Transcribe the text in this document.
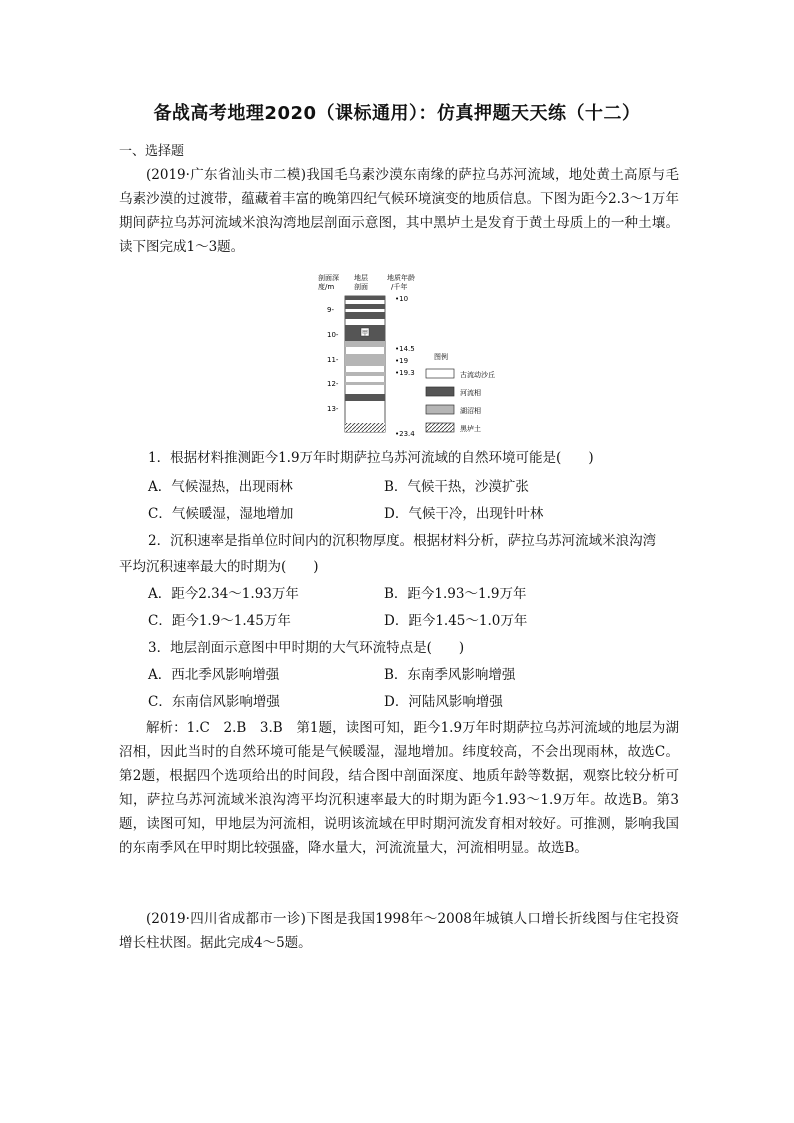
备战高考地理2020（课标通用）：仿真押题天天练（十二）
一、选择题
(2019·广东省汕头市二模)我国毛乌素沙漠东南缘的萨拉乌苏河流域，地处黄土高原与毛乌素沙漠的过渡带，蕴藏着丰富的晚第四纪气候环境演变的地质信息。下图为距今2.3～1万年期间萨拉乌苏河流域米浪沟湾地层剖面示意图，其中黑垆土是发育于黄土母质上的一种土壤。读下图完成1～3题。
剖面深
度/m
地层
剖面
地质年龄
/千年
9-
10-
11-
12-
13-
•10
•14.5
•19
•19.3
•23.4
甲
图例
古流动沙丘
河流相
湖沼相
黑垆土
1．根据材料推测距今1.9万年时期萨拉乌苏河流域的自然环境可能是(　　)
A．气候湿热，出现雨林	B．气候干热，沙漠扩张
C．气候暖湿，湿地增加	D．气候干冷，出现针叶林
2．沉积速率是指单位时间内的沉积物厚度。根据材料分析，萨拉乌苏河流域米浪沟湾
平均沉积速率最大的时期为(　　)
A．距今2.34～1.93万年	B．距今1.93～1.9万年
C．距今1.9～1.45万年	D．距今1.45～1.0万年
3．地层剖面示意图中甲时期的大气环流特点是(　　)
A．西北季风影响增强	B．东南季风影响增强
C．东南信风影响增强	D．河陆风影响增强
解析：1.C　2.B　3.B　第1题，读图可知，距今1.9万年时期萨拉乌苏河流域的地层为湖沼相，因此当时的自然环境可能是气候暖湿，湿地增加。纬度较高，不会出现雨林，故选C。第2题，根据四个选项给出的时间段，结合图中剖面深度、地质年龄等数据，观察比较分析可知，萨拉乌苏河流域米浪沟湾平均沉积速率最大的时期为距今1.93～1.9万年。故选B。第3题，读图可知，甲地层为河流相，说明该流域在甲时期河流发育相对较好。可推测，影响我国的东南季风在甲时期比较强盛，降水量大，河流流量大，河流相明显。故选B。
(2019·四川省成都市一诊)下图是我国1998年～2008年城镇人口增长折线图与住宅投资增长柱状图。据此完成4～5题。
